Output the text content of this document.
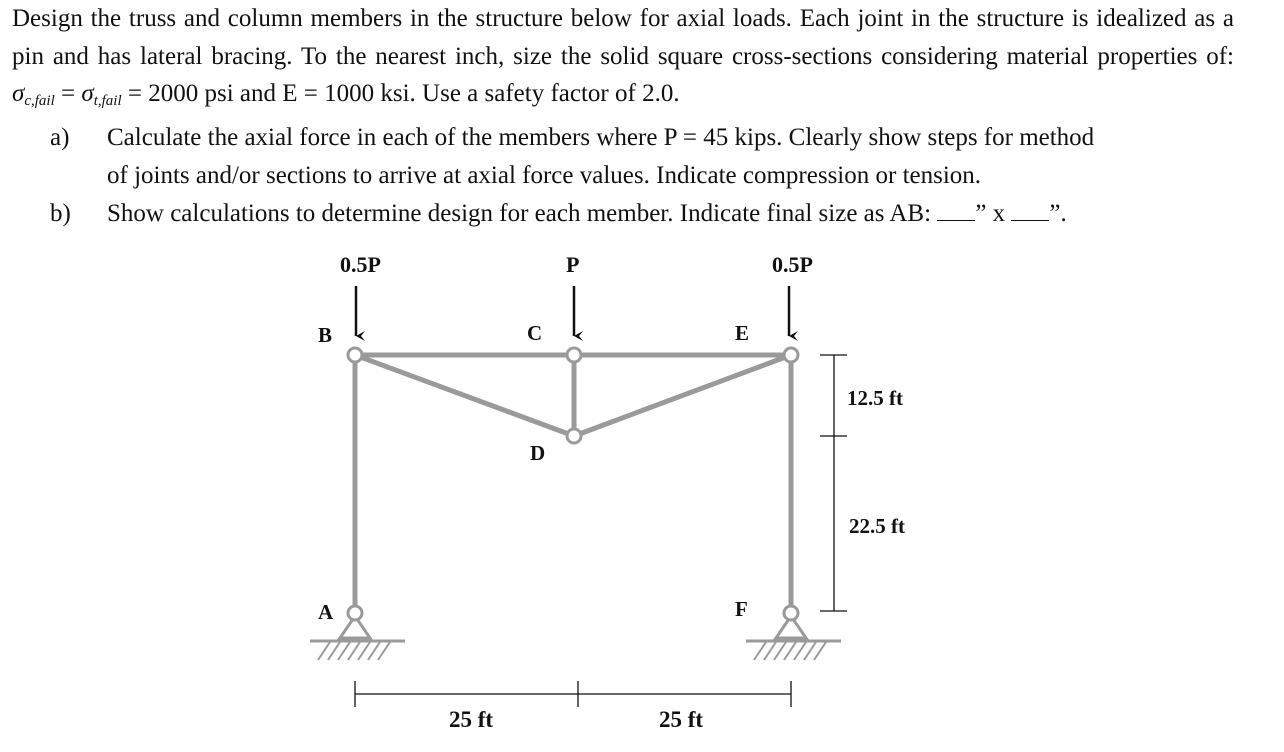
Design the truss and column members in the structure below for axial loads. Each joint in the structure is idealized as a pin and has lateral bracing. To the nearest inch, size the solid square cross-sections considering material properties of: $\sigma_{c,fail} = \sigma_{t,fail} = 2000$ psi and E = 1000 ksi. Use a safety factor of 2.0.

a) Calculate the axial force in each of the members where P = 45 kips. Clearly show steps for method
of joints and/or sections to arrive at axial force values. Indicate compression or tension.
b) Show calculations to determine design for each member. Indicate final size as AB: ” x ”.
0.5P	P	0.5P
B	C	E
D
A	F
12.5 ft
22.5 ft
25 ft	25 ft
